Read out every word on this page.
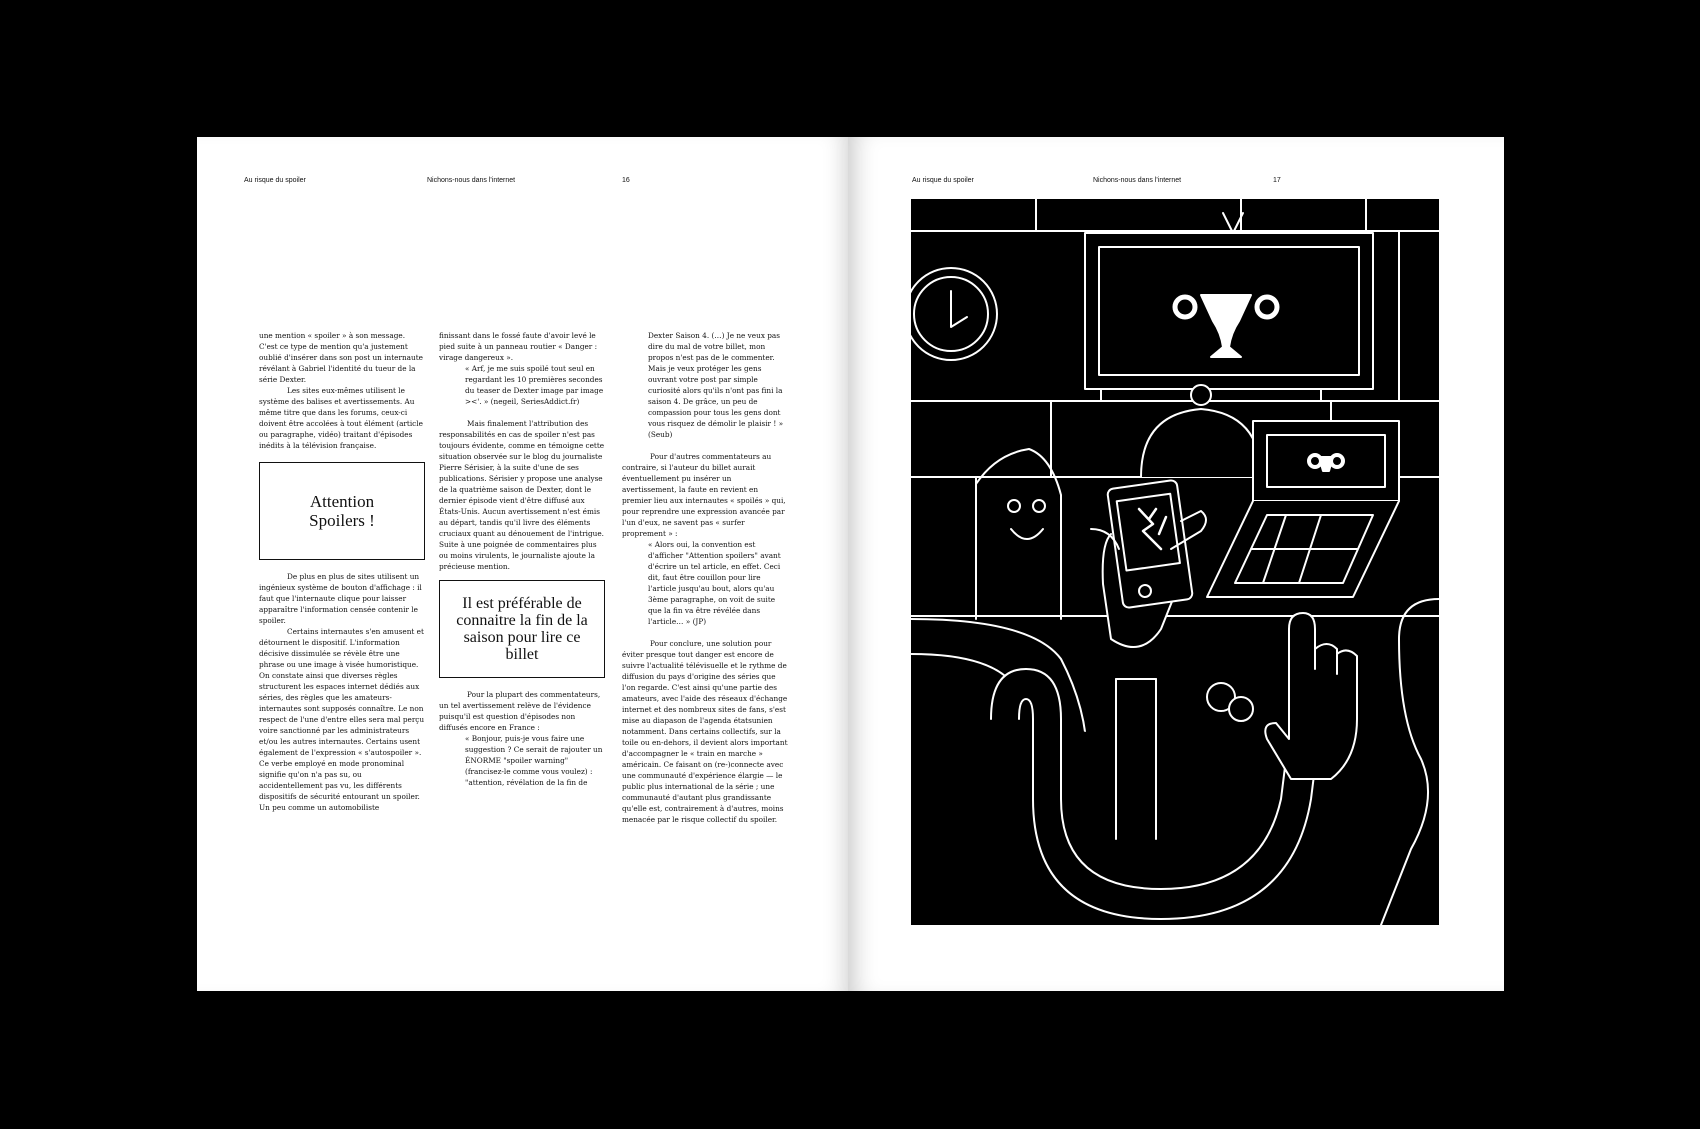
Au risque du spoiler	Nichons-nous dans l'internet	16

une mention « spoiler » à son message. C'est ce type de mention qu'a justement oublié d'insérer dans son post un internaute révélant à Gabriel l'identité du tueur de la série Dexter.

Les sites eux-mêmes utilisent le système des balises et avertissements. Au même titre que dans les forums, ceux-ci doivent être accolées à tout élément (article ou paragraphe, vidéo) traitant d'épisodes inédits à la télévision française.

Attention
Spoilers !

De plus en plus de sites utilisent un ingénieux système de bouton d'affichage : il faut que l'internaute clique pour laisser apparaître l'information censée contenir le spoiler.

Certains internautes s'en amusent et détournent le dispositif. L'information décisive dissimulée se révèle être une phrase ou une image à visée humoristique. On constate ainsi que diverses règles structurent les espaces internet dédiés aux séries, des règles que les amateurs-internautes sont supposés connaître. Le non respect de l'une d'entre elles sera mal perçu voire sanctionné par les administrateurs et/ou les autres internautes. Certains usent également de l'expression « s'autospoiler ». Ce verbe employé en mode pronominal signifie qu'on n'a pas su, ou accidentellement pas vu, les différents dispositifs de sécurité entourant un spoiler. Un peu comme un automobiliste

finissant dans le fossé faute d'avoir levé le pied suite à un panneau routier « Danger : virage dangereux ».

« Arf, je me suis spoilé tout seul en regardant les 10 premières secondes du teaser de Dexter image par image ><'. » (negeil, SeriesAddict.fr)

Mais finalement l'attribution des responsabilités en cas de spoiler n'est pas toujours évidente, comme en témoigne cette situation observée sur le blog du journaliste Pierre Sérisier, à la suite d'une de ses publications. Sérisier y propose une analyse de la quatrième saison de Dexter, dont le dernier épisode vient d'être diffusé aux États-Unis. Aucun avertissement n'est émis au départ, tandis qu'il livre des éléments cruciaux quant au dénouement de l'intrigue. Suite à une poignée de commentaires plus ou moins virulents, le journaliste ajoute la précieuse mention.

Il est préférable de connaitre la fin de la saison pour lire ce billet

Pour la plupart des commentateurs, un tel avertissement relève de l'évidence puisqu'il est question d'épisodes non diffusés encore en France :

« Bonjour, puis-je vous faire une suggestion ? Ce serait de rajouter un ÉNORME "spoiler warning" (francisez-le comme vous voulez) : "attention, révélation de la fin de

Dexter Saison 4. (…) Je ne veux pas dire du mal de votre billet, mon propos n'est pas de le commenter. Mais je veux protéger les gens ouvrant votre post par simple curiosité alors qu'ils n'ont pas fini la saison 4. De grâce, un peu de compassion pour tous les gens dont vous risquez de démolir le plaisir ! » (Seub)

Pour d'autres commentateurs au contraire, si l'auteur du billet aurait éventuellement pu insérer un avertissement, la faute en revient en premier lieu aux internautes « spoilés » qui, pour reprendre une expression avancée par l'un d'eux, ne savent pas « surfer proprement » :

« Alors oui, la convention est d'afficher "Attention spoilers" avant d'écrire un tel article, en effet. Ceci dit, faut être couillon pour lire l'article jusqu'au bout, alors qu'au 3ème paragraphe, on voit de suite que la fin va être révélée dans l'article… » (JP)

Pour conclure, une solution pour éviter presque tout danger est encore de suivre l'actualité télévisuelle et le rythme de diffusion du pays d'origine des séries que l'on regarde. C'est ainsi qu'une partie des amateurs, avec l'aide des réseaux d'échange internet et des nombreux sites de fans, s'est mise au diapason de l'agenda étatsunien notamment. Dans certains collectifs, sur la toile ou en-dehors, il devient alors important d'accompagner le « train en marche » américain. Ce faisant on (re-)connecte avec une communauté d'expérience élargie — le public plus international de la série ; une communauté d'autant plus grandissante qu'elle est, contrairement à d'autres, moins menacée par le risque collectif du spoiler.

Au risque du spoiler	Nichons-nous dans l'internet	17
